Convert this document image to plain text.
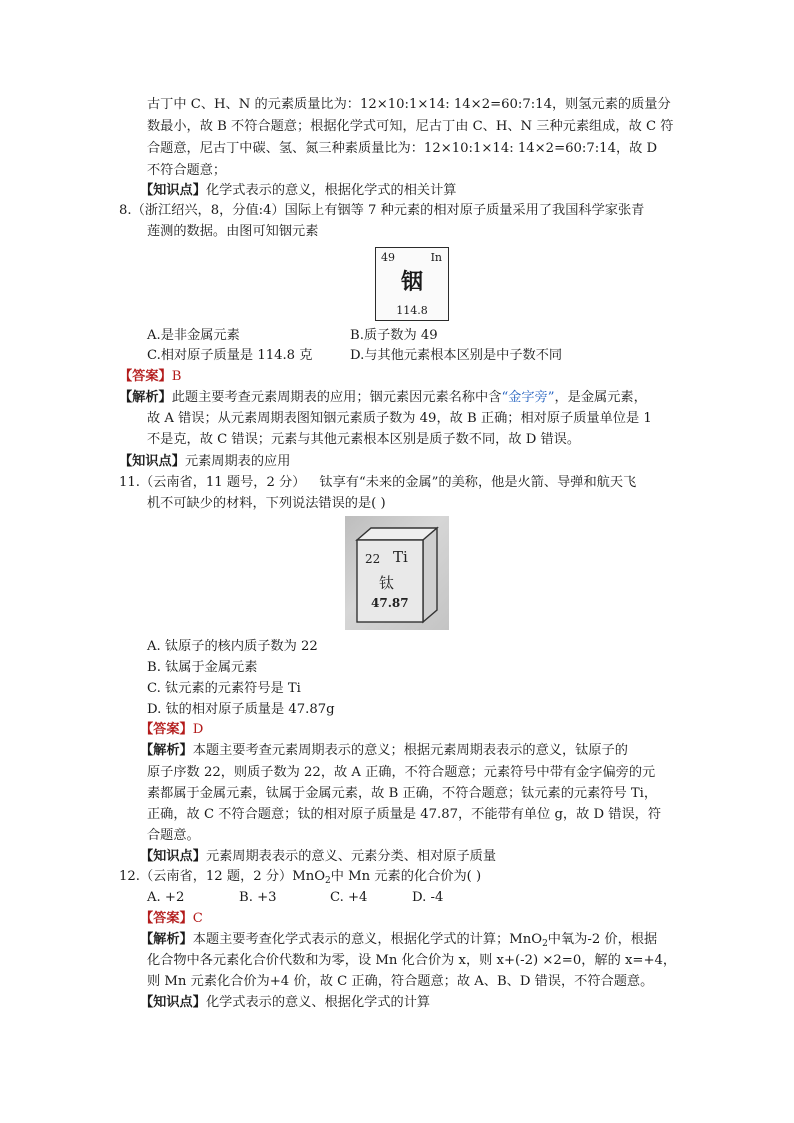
古丁中 C、H、N 的元素质量比为：12×10:1×14: 14×2=60:7:14，则氢元素的质量分
数最小，故 B 不符合题意；根据化学式可知，尼古丁由 C、H、N 三种元素组成，故 C 符
合题意，尼古丁中碳、氢、氮三种素质量比为：12×10:1×14: 14×2=60:7:14，故 D
不符合题意；
【知识点】化学式表示的意义，根据化学式的相关计算
8.（浙江绍兴，8，分值:4）国际上有铟等 7 种元素的相对原子质量采用了我国科学家张青
莲测的数据。由图可知铟元素
49	In
铟
114.8
A.是非金属元素	B.质子数为 49
C.相对原子质量是 114.8 克	D.与其他元素根本区别是中子数不同
【答案】B
【解析】此题主要考查元素周期表的应用；铟元素因元素名称中含“金字旁”，是金属元素，
故 A 错误；从元素周期表图知铟元素质子数为 49，故 B 正确；相对原子质量单位是 1
不是克，故 C 错误；元素与其他元素根本区别是质子数不同，故 D 错误。
【知识点】元素周期表的应用
11.（云南省，11 题号，2 分） 钛享有“未来的金属”的美称，他是火箭、导弹和航天飞
机不可缺少的材料，下列说法错误的是( )
22 Ti
钛
47.87
A. 钛原子的核内质子数为 22
B. 钛属于金属元素
C. 钛元素的元素符号是 Ti
D. 钛的相对原子质量是 47.87g
【答案】D
【解析】本题主要考查元素周期表示的意义；根据元素周期表表示的意义，钛原子的
原子序数 22，则质子数为 22，故 A 正确，不符合题意；元素符号中带有金字偏旁的元
素都属于金属元素，钛属于金属元素，故 B 正确，不符合题意；钛元素的元素符号 Ti，
正确，故 C 不符合题意；钛的相对原子质量是 47.87，不能带有单位 g，故 D 错误，符
合题意。
【知识点】元素周期表表示的意义、元素分类、相对原子质量
12.（云南省，12 题，2 分）MnO$_2$中 Mn 元素的化合价为( )
A. +2	B. +3	C. +4	D. -4
【答案】C
【解析】本题主要考查化学式表示的意义，根据化学式的计算；MnO$_2$中氧为-2 价，根据
化合物中各元素化合价代数和为零，设 Mn 化合价为 x，则 x+(-2) ×2=0，解的 x=+4，
则 Mn 元素化合价为+4 价，故 C 正确，符合题意；故 A、B、D 错误，不符合题意。
【知识点】化学式表示的意义、根据化学式的计算
